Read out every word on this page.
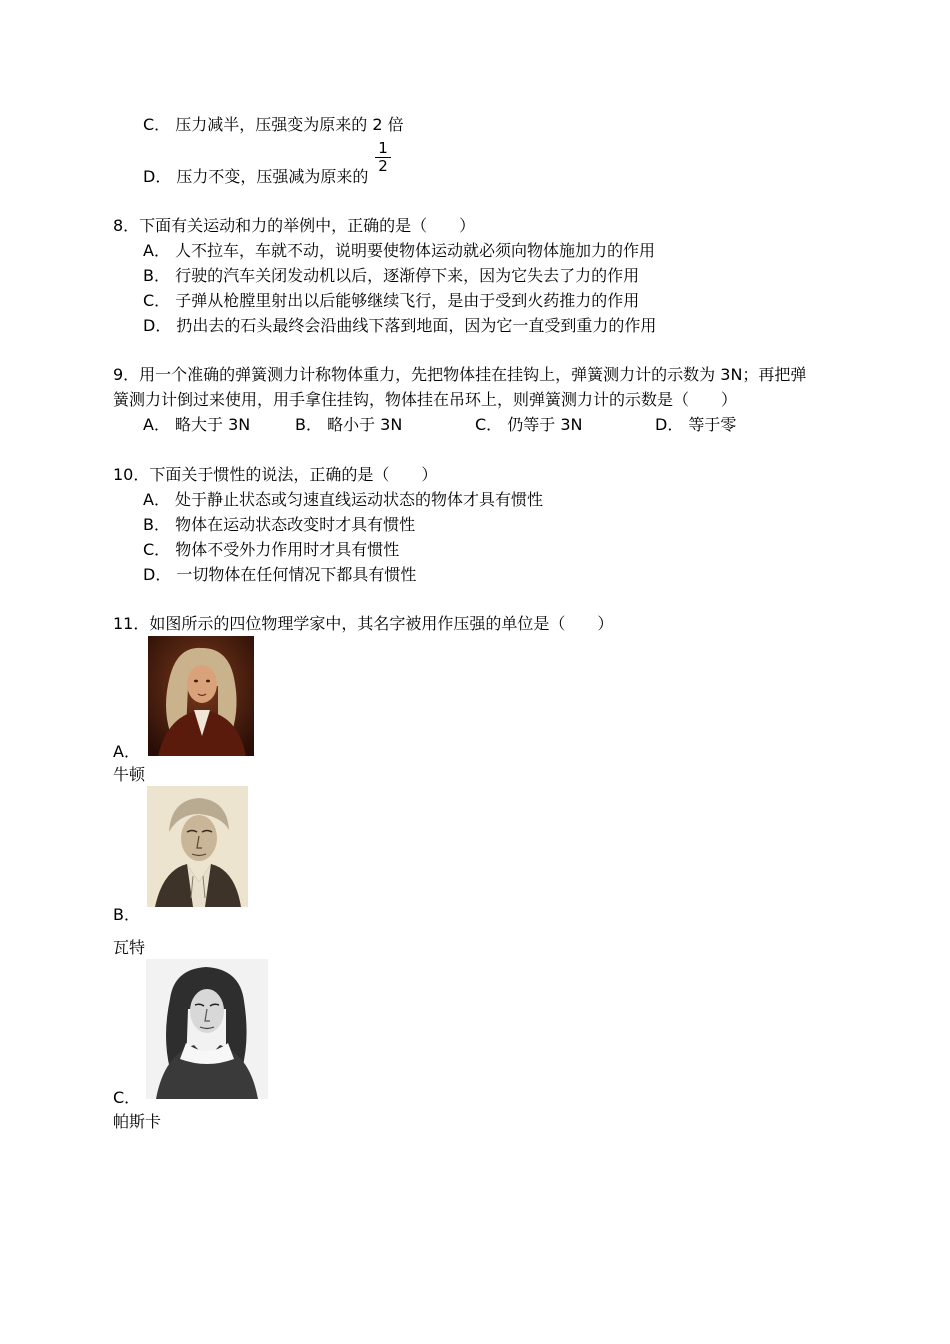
C． 压力减半，压强变为原来的 2 倍
1
2
D． 压力不变，压强减为原来的
8．下面有关运动和力的举例中，正确的是（　　）
A． 人不拉车，车就不动，说明要使物体运动就必须向物体施加力的作用
B． 行驶的汽车关闭发动机以后，逐渐停下来，因为它失去了力的作用
C． 子弹从枪膛里射出以后能够继续飞行，是由于受到火药推力的作用
D． 扔出去的石头最终会沿曲线下落到地面，因为它一直受到重力的作用
9．用一个准确的弹簧测力计称物体重力，先把物体挂在挂钩上，弹簧测力计的示数为 3N；再把弹
簧测力计倒过来使用，用手拿住挂钩，物体挂在吊环上，则弹簧测力计的示数是（　　）
A． 略大于 3N	B． 略小于 3N	C． 仍等于 3N	D． 等于零
10．下面关于惯性的说法，正确的是（　　）
A． 处于静止状态或匀速直线运动状态的物体才具有惯性
B． 物体在运动状态改变时才具有惯性
C． 物体不受外力作用时才具有惯性
D． 一切物体在任何情况下都具有惯性
11．如图所示的四位物理学家中，其名字被用作压强的单位是（　　）
A．
牛顿
B．
瓦特
C．
帕斯卡
